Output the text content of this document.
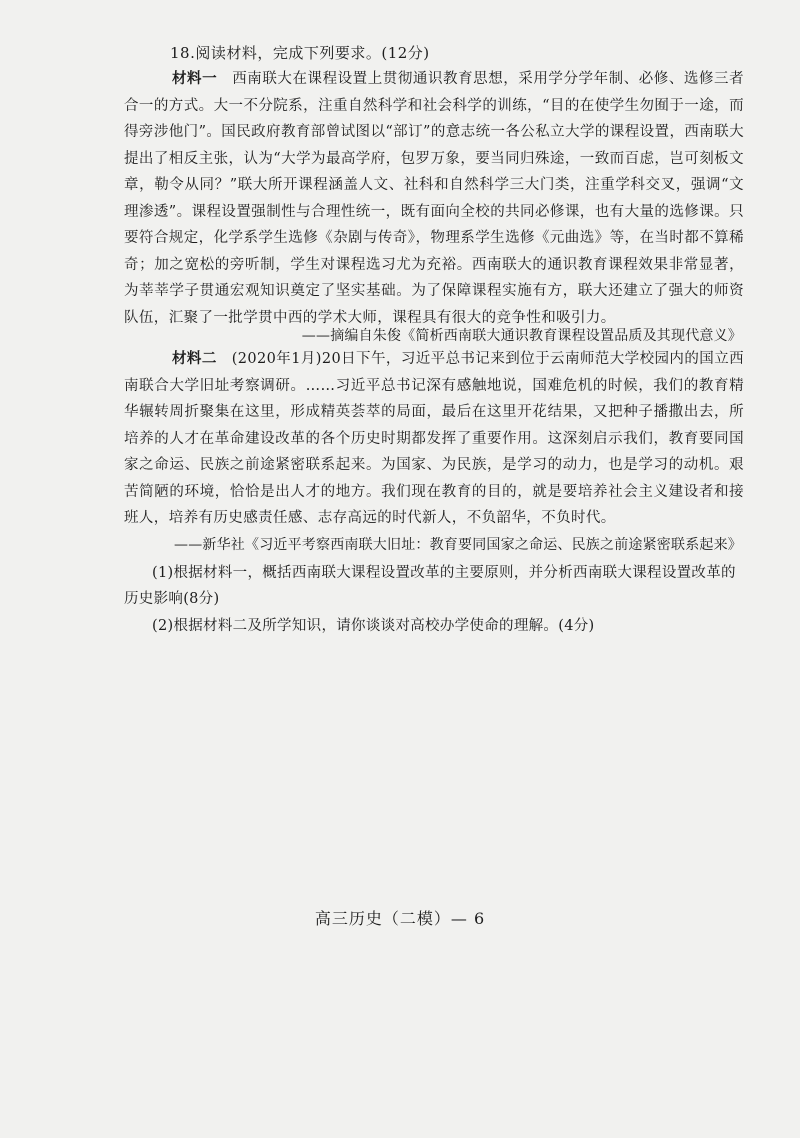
18.阅读材料，完成下列要求。(12分)
材料一　 西南联大在课程设置上贯彻通识教育思想，采用学分学年制、必修、选修三者合一的方式。大一不分院系，注重自然科学和社会科学的训练，“目的在使学生勿囿于一途，而得旁涉他门”。国民政府教育部曾试图以“部订”的意志统一各公私立大学的课程设置，西南联大提出了相反主张，认为“大学为最高学府，包罗万象，要当同归殊途，一致而百虑，岂可刻板文章，勒令从同？”联大所开课程涵盖人文、社科和自然科学三大门类，注重学科交叉，强调“文理渗透”。课程设置强制性与合理性统一，既有面向全校的共同必修课，也有大量的选修课。只要符合规定，化学系学生选修《杂剧与传奇》，物理系学生选修《元曲选》等，在当时都不算稀奇；加之宽松的旁听制，学生对课程选习尤为充裕。西南联大的通识教育课程效果非常显著，为莘莘学子贯通宏观知识奠定了坚实基础。为了保障课程实施有方，联大还建立了强大的师资队伍，汇聚了一批学贯中西的学术大师，课程具有很大的竞争性和吸引力。
——摘编自朱俊《简析西南联大通识教育课程设置品质及其现代意义》
材料二　 (2020年1月)20日下午，习近平总书记来到位于云南师范大学校园内的国立西南联合大学旧址考察调研。……习近平总书记深有感触地说，国难危机的时候，我们的教育精华辗转周折聚集在这里，形成精英荟萃的局面，最后在这里开花结果，又把种子播撒出去，所培养的人才在革命建设改革的各个历史时期都发挥了重要作用。这深刻启示我们，教育要同国家之命运、民族之前途紧密联系起来。为国家、为民族，是学习的动力，也是学习的动机。艰苦简陋的环境，恰恰是出人才的地方。我们现在教育的目的，就是要培养社会主义建设者和接班人，培养有历史感责任感、志存高远的时代新人，不负韶华，不负时代。
——新华社《习近平考察西南联大旧址：教育要同国家之命运、民族之前途紧密联系起来》
(1)根据材料一，概括西南联大课程设置改革的主要原则，并分析西南联大课程设置改革的历史影响(8分)
(2)根据材料二及所学知识，请你谈谈对高校办学使命的理解。(4分)
高三历史（二模）— 6
